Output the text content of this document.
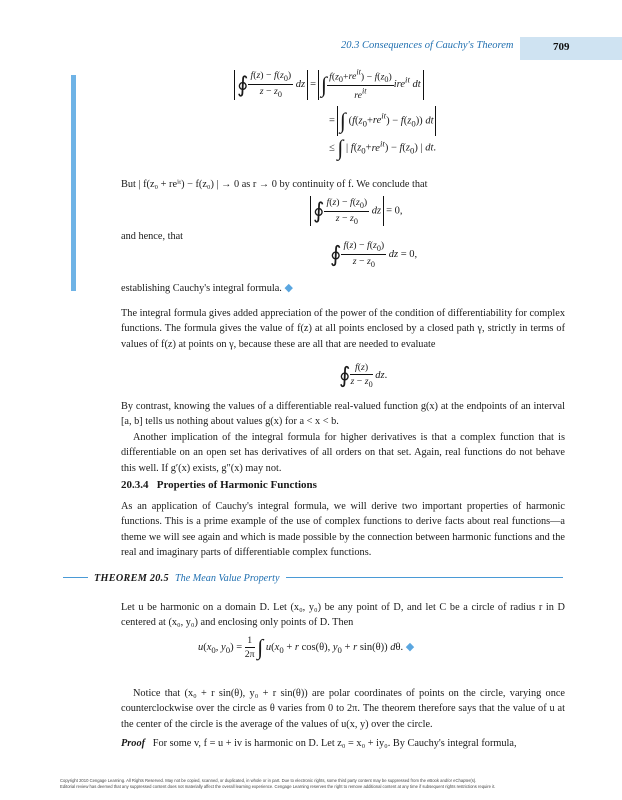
20.3 Consequences of Cauchy's Theorem	709
∮ $\frac{f(z) - f(z_0)}{z - z_0}$ dz = ∫ $\frac{f(z_0+re^{it}) - f(z_0)}{re^{it}} ire^{it}$ dt
= ∫ $(f(z_0+re^{it}) - f(z_0))$ dt
≤ ∫ | $f(z_0+re^{it}) - f(z_0)$ | dt.
But | f(z₀ + reⁱᵗ) − f(z₀) | → 0 as r → 0 by continuity of f. We conclude that
∮ $\frac{f(z) - f(z_0)}{z - z_0}$ dz = 0,
and hence, that
∮ $\frac{f(z) - f(z_0)}{z - z_0}$ dz = 0,
establishing Cauchy's integral formula. ◆
The integral formula gives added appreciation of the power of the condition of differentiability for complex functions. The formula gives the value of f(z) at all points enclosed by a closed path γ, strictly in terms of values of f(z) at points on γ, because these are all that are needed to evaluate
∮ $\frac{f(z)}{z - z_0}$ dz.
By contrast, knowing the values of a differentiable real-valued function g(x) at the endpoints of an interval [a, b] tells us nothing about values g(x) for a < x < b.
Another implication of the integral formula for higher derivatives is that a complex function that is differentiable on an open set has derivatives of all orders on that set. Again, real functions do not behave this well. If g′(x) exists, g″(x) may not.
20.3.4 Properties of Harmonic Functions
As an application of Cauchy's integral formula, we will derive two important properties of harmonic functions. This is a prime example of the use of complex functions to derive facts about real functions—a theme we will see again and which is made possible by the connection between harmonic functions and the real and imaginary parts of differentiable complex functions.
THEOREM 20.5 The Mean Value Property
Let u be harmonic on a domain D. Let (x₀, y₀) be any point of D, and let C be a circle of radius r in D centered at (x₀, y₀) and enclosing only points of D. Then
$u(x_0$, $y_0) = \frac{1}{2\pi}$ ∫ $u(x_0 + r$ cos(θ), $y_0 + r$ sin(θ)) dθ. ◆
Notice that (x₀ + r sin(θ), y₀ + r sin(θ)) are polar coordinates of points on the circle, varying once counterclockwise over the circle as θ varies from 0 to 2π. The theorem therefore says that the value of u at the center of the circle is the average of the values of u(x, y) over the circle.
Proof For some v, f = u + iv is harmonic on D. Let z₀ = x₀ + iy₀. By Cauchy's integral formula,
Copyright 2010 Cengage Learning. All Rights Reserved. May not be copied, scanned, or duplicated, in whole or in part. Due to electronic rights, some third party content may be suppressed from the eBook and/or eChapter(s).
Editorial review has deemed that any suppressed content does not materially affect the overall learning experience. Cengage Learning reserves the right to remove additional content at any time if subsequent rights restrictions require it.
